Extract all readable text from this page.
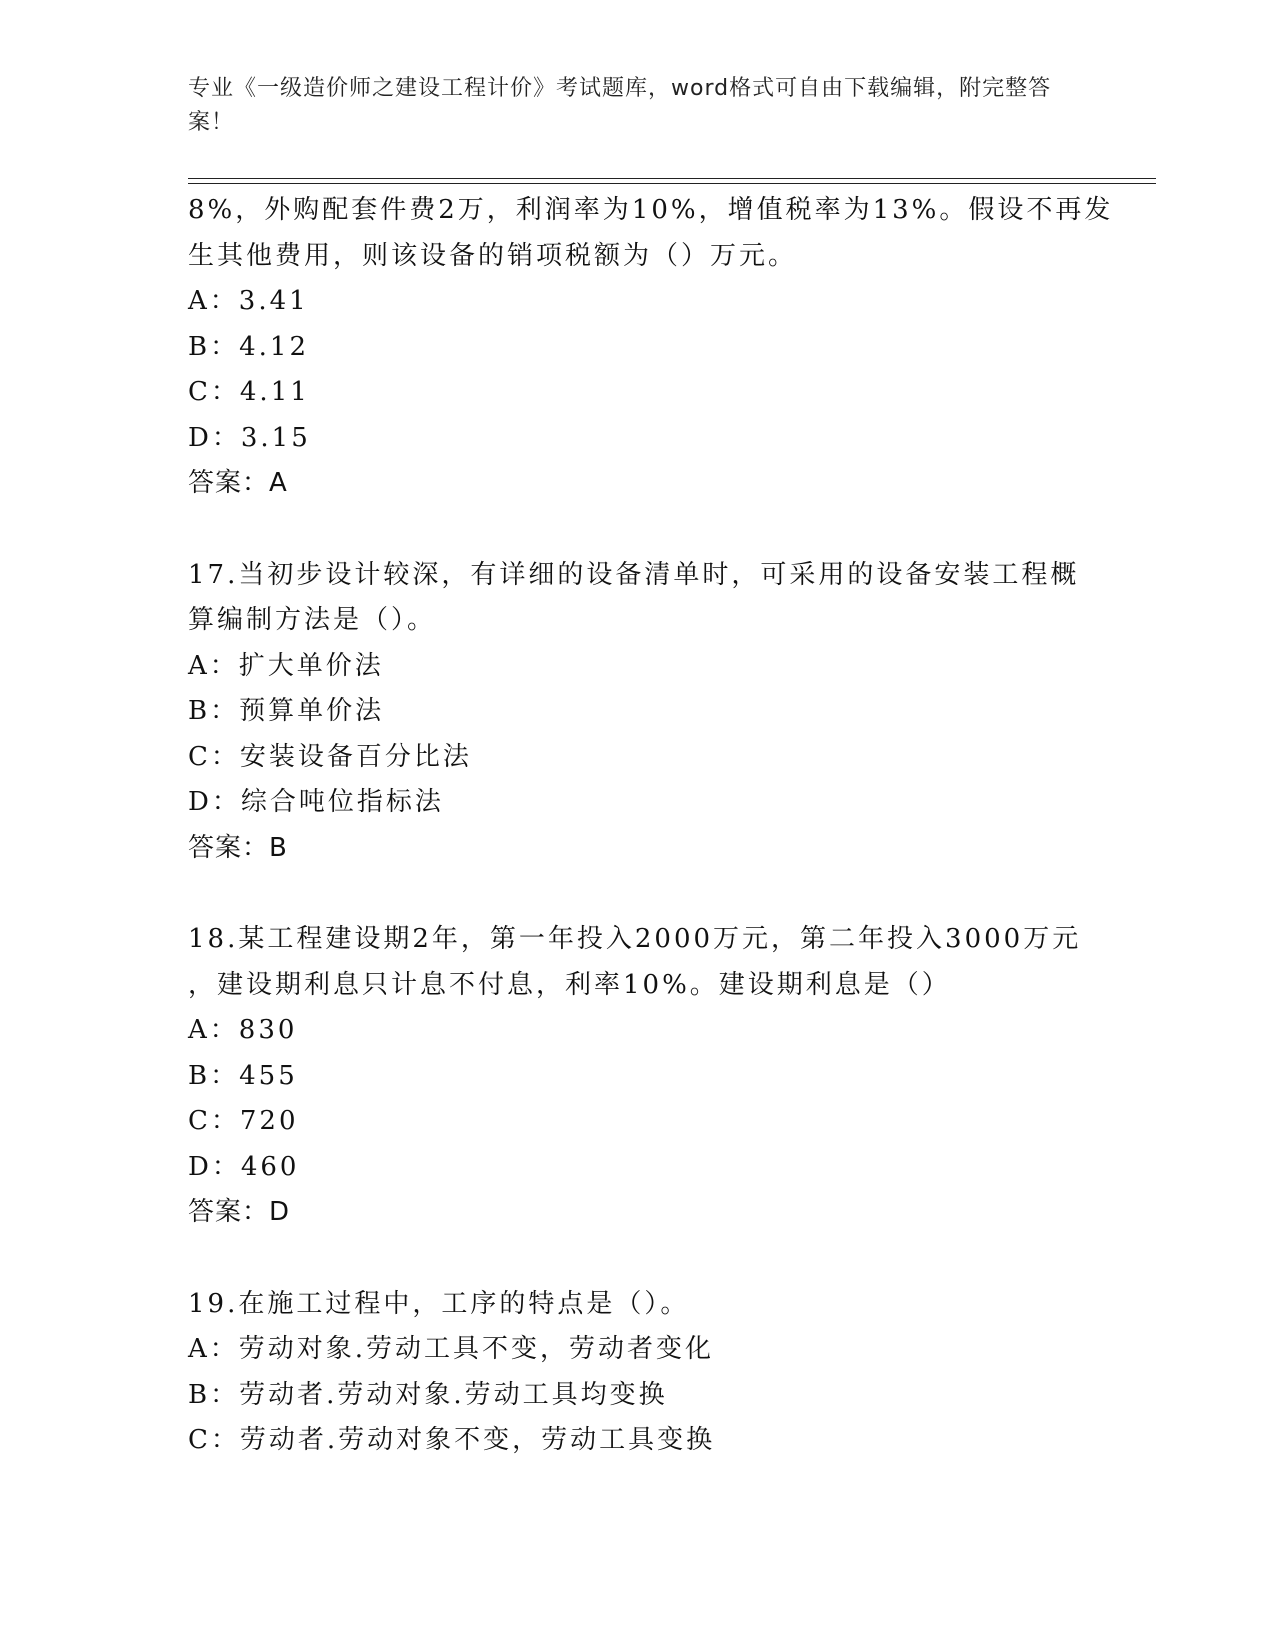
专业《一级造价师之建设工程计价》考试题库，word格式可自由下载编辑，附完整答案！
8%，外购配套件费2万，利润率为10%，增值税率为13%。假设不再发
生其他费用，则该设备的销项税额为（）万元。
A：3.41
B：4.12
C：4.11
D：3.15
答案：A
17.当初步设计较深，有详细的设备清单时，可采用的设备安装工程概
算编制方法是（）。
A：扩大单价法
B：预算单价法
C：安装设备百分比法
D：综合吨位指标法
答案：B
18.某工程建设期2年，第一年投入2000万元，第二年投入3000万元
，建设期利息只计息不付息，利率10%。建设期利息是（）
A：830
B：455
C：720
D：460
答案：D
19.在施工过程中，工序的特点是（）。
A：劳动对象.劳动工具不变，劳动者变化
B：劳动者.劳动对象.劳动工具均变换
C：劳动者.劳动对象不变，劳动工具变换
